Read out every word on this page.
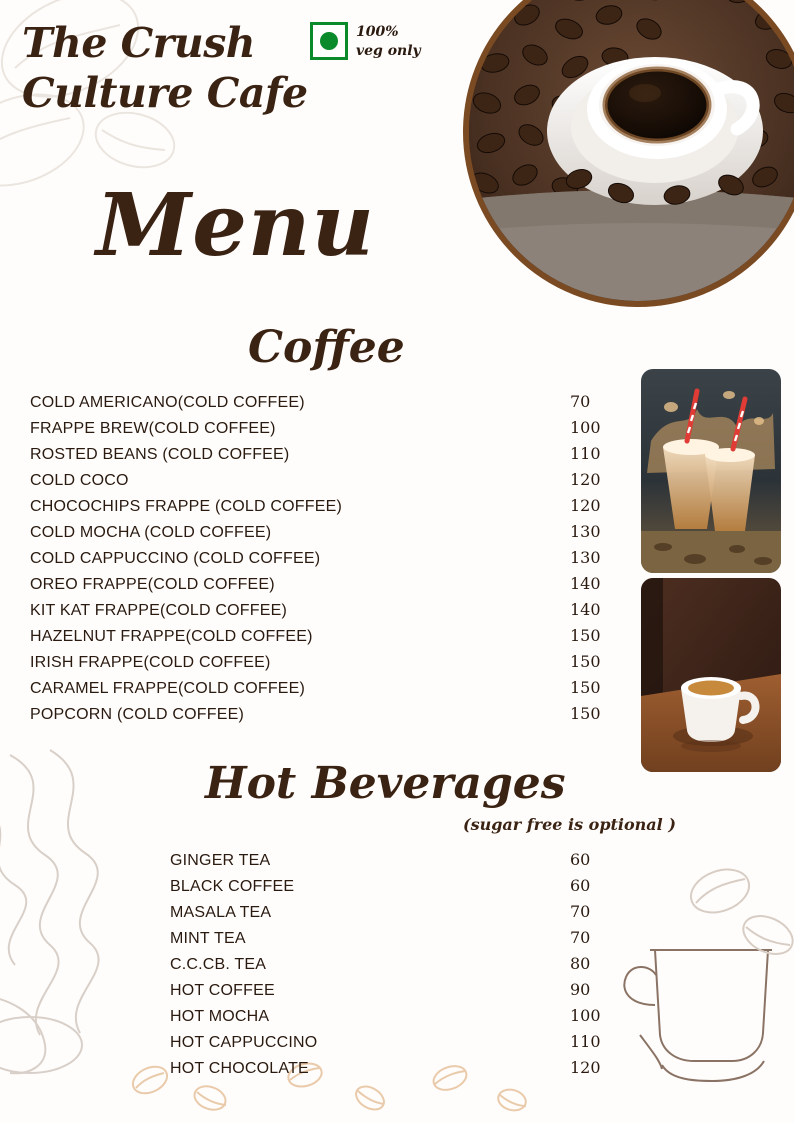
The Crush
Culture Cafe
100%
veg only
Menu
Coffee
COLD AMERICANO(COLD COFFEE)	70
FRAPPE BREW(COLD COFFEE)	100
ROSTED BEANS (COLD COFFEE)	110
COLD COCO	120
CHOCOCHIPS FRAPPE (COLD COFFEE)	120
COLD MOCHA (COLD COFFEE)	130
COLD CAPPUCCINO (COLD COFFEE)	130
OREO FRAPPE(COLD COFFEE)	140
KIT KAT FRAPPE(COLD COFFEE)	140
HAZELNUT FRAPPE(COLD COFFEE)	150
IRISH FRAPPE(COLD COFFEE)	150
CARAMEL FRAPPE(COLD COFFEE)	150
POPCORN (COLD COFFEE)	150
Hot Beverages
(sugar free is optional )
GINGER TEA	60
BLACK COFFEE	60
MASALA TEA	70
MINT TEA	70
C.C.CB. TEA	80
HOT COFFEE	90
HOT MOCHA	100
HOT CAPPUCCINO	110
HOT CHOCOLATE	120
